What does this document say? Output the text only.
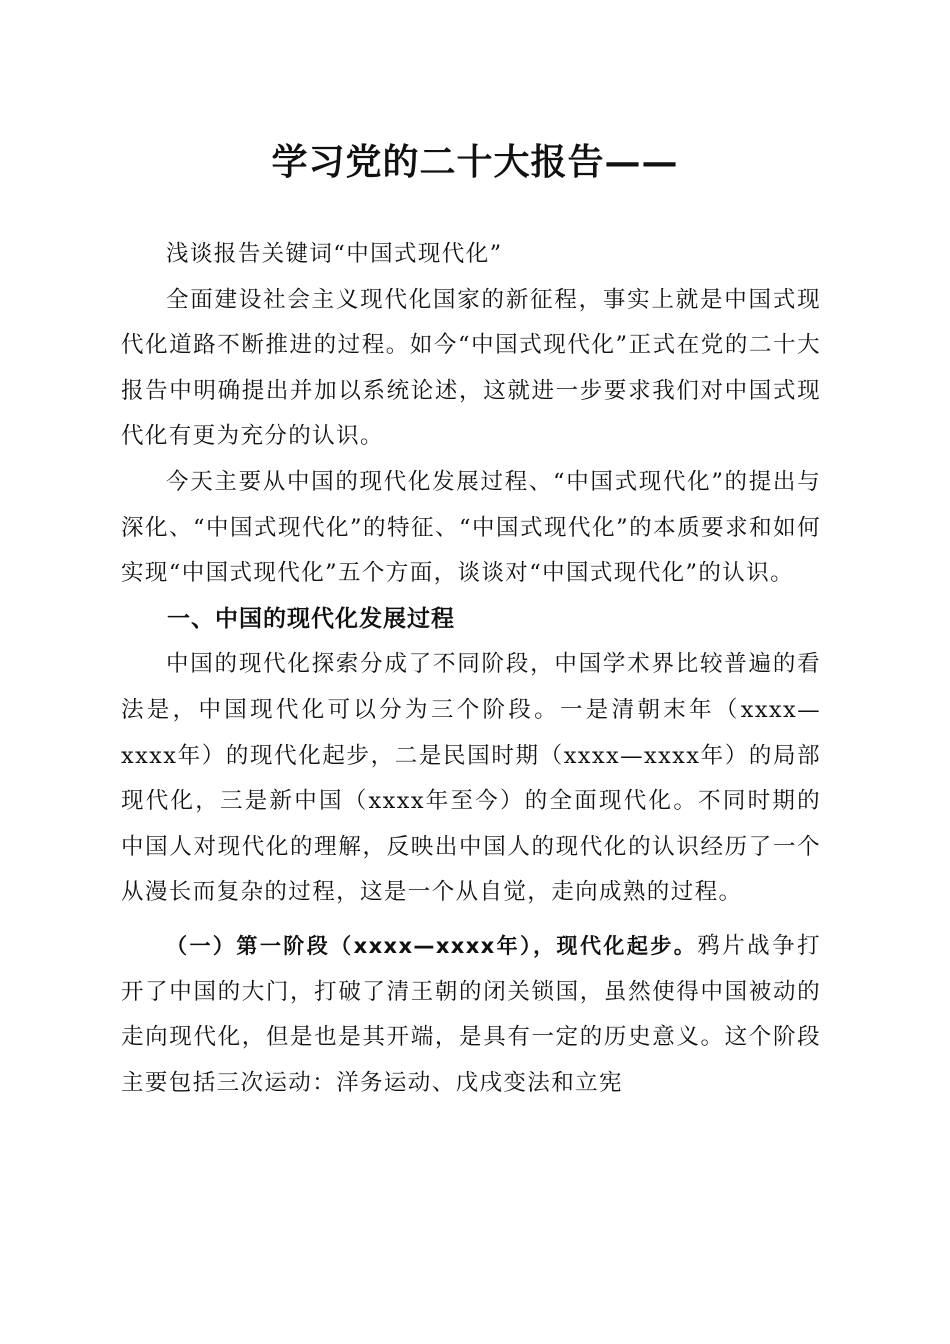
学习党的二十大报告——

浅谈报告关键词“中国式现代化”

全面建设社会主义现代化国家的新征程，事实上就是中国式现代化道路不断推进的过程。如今“中国式现代化”正式在党的二十大报告中明确提出并加以系统论述，这就进一步要求我们对中国式现代化有更为充分的认识。

今天主要从中国的现代化发展过程、“中国式现代化”的提出与深化、“中国式现代化”的特征、“中国式现代化”的本质要求和如何实现“中国式现代化”五个方面，谈谈对“中国式现代化”的认识。

一、中国的现代化发展过程

中国的现代化探索分成了不同阶段，中国学术界比较普遍的看法是，中国现代化可以分为三个阶段。一是清朝末年（xxxx—xxxx年）的现代化起步，二是民国时期（xxxx—xxxx年）的局部现代化，三是新中国（xxxx年至今）的全面现代化。不同时期的中国人对现代化的理解，反映出中国人的现代化的认识经历了一个从漫长而复杂的过程，这是一个从自觉，走向成熟的过程。

（一）第一阶段（xxxx—xxxx年），现代化起步。鸦片战争打开了中国的大门，打破了清王朝的闭关锁国，虽然使得中国被动的走向现代化，但是也是其开端，是具有一定的历史意义。这个阶段主要包括三次运动：洋务运动、戊戌变法和立宪
